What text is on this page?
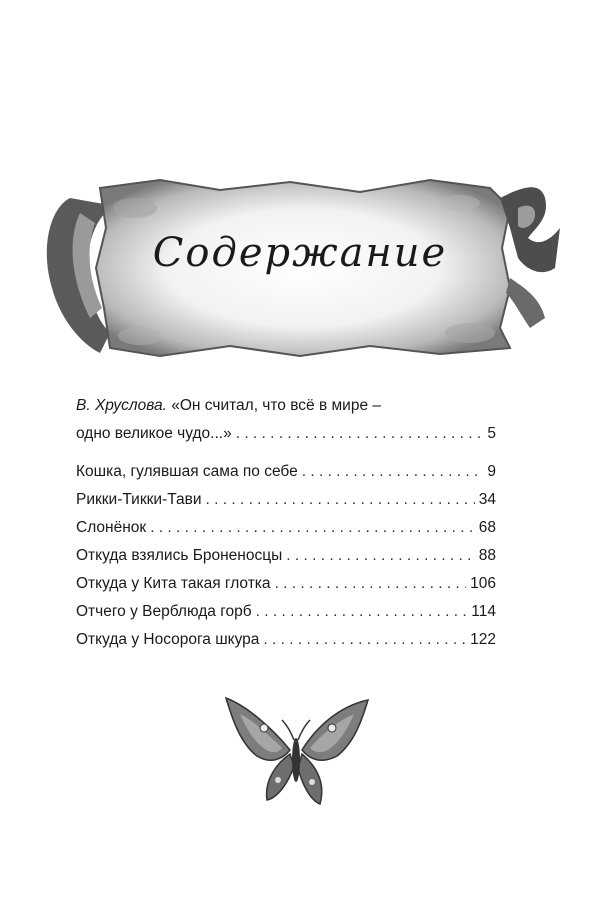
Содержание
В. Хруслова. «Он считал, что всё в мире –
одно великое чудо...» . . .	5
Кошка, гулявшая сама по себе . . .	9
Рикки-Тикки-Тави . . .	34
Слонёнок . . .	68
Откуда взялись Броненосцы . . .	88
Откуда у Кита такая глотка . . .	106
Отчего у Верблюда горб . . .	114
Откуда у Носорога шкура . . .	122
